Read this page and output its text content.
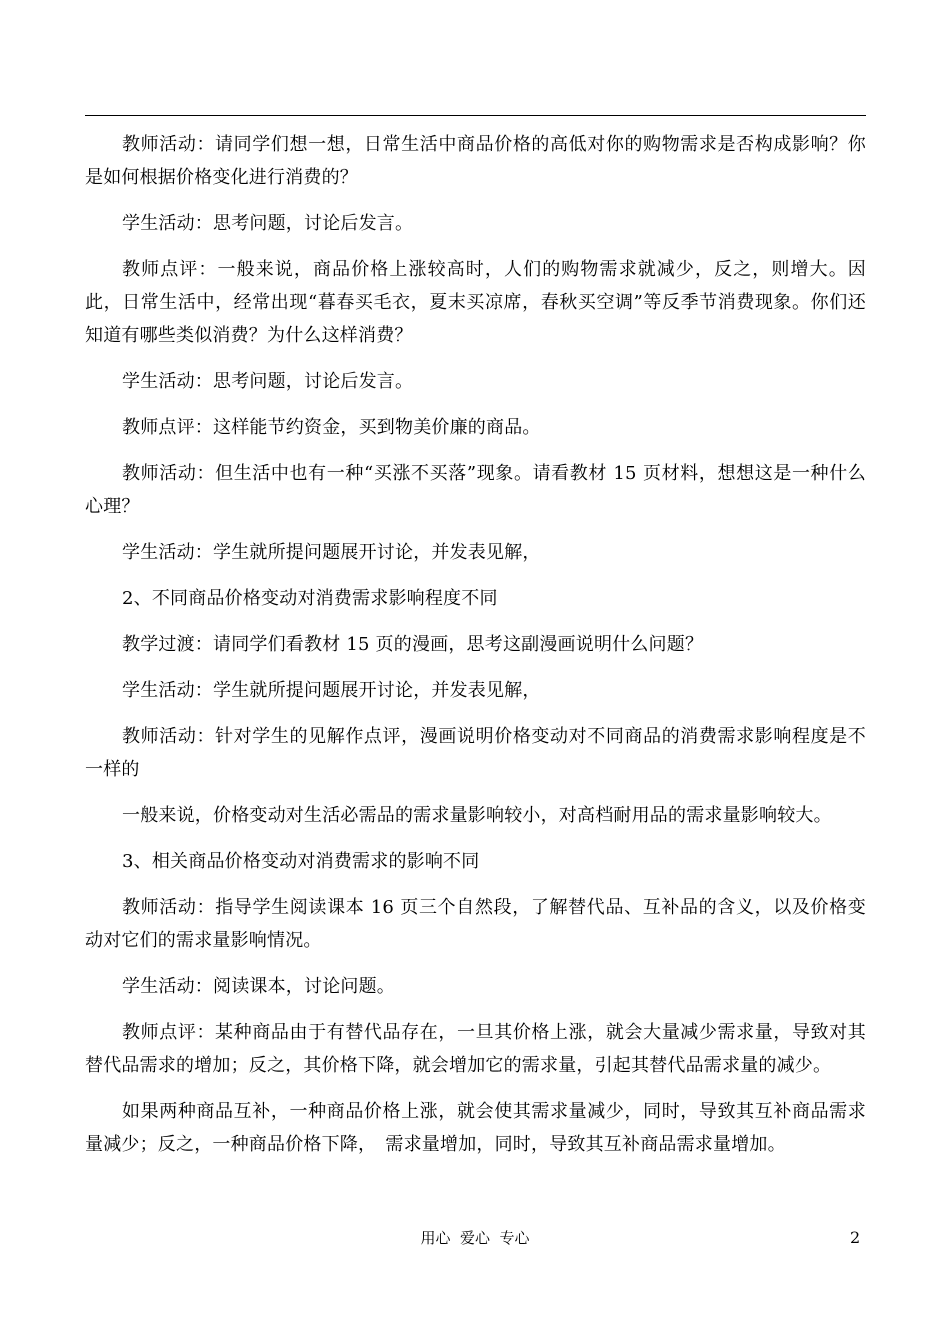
教师活动：请同学们想一想，日常生活中商品价格的高低对你的购物需求是否构成影响？你是如何根据价格变化进行消费的？

学生活动：思考问题，讨论后发言。

教师点评：一般来说，商品价格上涨较高时，人们的购物需求就减少，反之，则增大。因此，日常生活中，经常出现“暮春买毛衣，夏末买凉席，春秋买空调”等反季节消费现象。你们还知道有哪些类似消费？为什么这样消费？

学生活动：思考问题，讨论后发言。

教师点评：这样能节约资金，买到物美价廉的商品。

教师活动：但生活中也有一种“买涨不买落”现象。请看教材 15 页材料，想想这是一种什么心理？

学生活动：学生就所提问题展开讨论，并发表见解，

2、不同商品价格变动对消费需求影响程度不同

教学过渡：请同学们看教材 15 页的漫画，思考这副漫画说明什么问题？

学生活动：学生就所提问题展开讨论，并发表见解，

教师活动：针对学生的见解作点评，漫画说明价格变动对不同商品的消费需求影响程度是不一样的

一般来说，价格变动对生活必需品的需求量影响较小，对高档耐用品的需求量影响较大。

3、相关商品价格变动对消费需求的影响不同

教师活动：指导学生阅读课本 16 页三个自然段，了解替代品、互补品的含义，以及价格变动对它们的需求量影响情况。

学生活动：阅读课本，讨论问题。

教师点评：某种商品由于有替代品存在，一旦其价格上涨，就会大量减少需求量，导致对其替代品需求的增加；反之，其价格下降，就会增加它的需求量，引起其替代品需求量的减少。

如果两种商品互补，一种商品价格上涨，就会使其需求量减少，同时，导致其互补商品需求量减少；反之，一种商品价格下降，　需求量增加，同时，导致其互补商品需求量增加。

用心  爱心  专心	2
